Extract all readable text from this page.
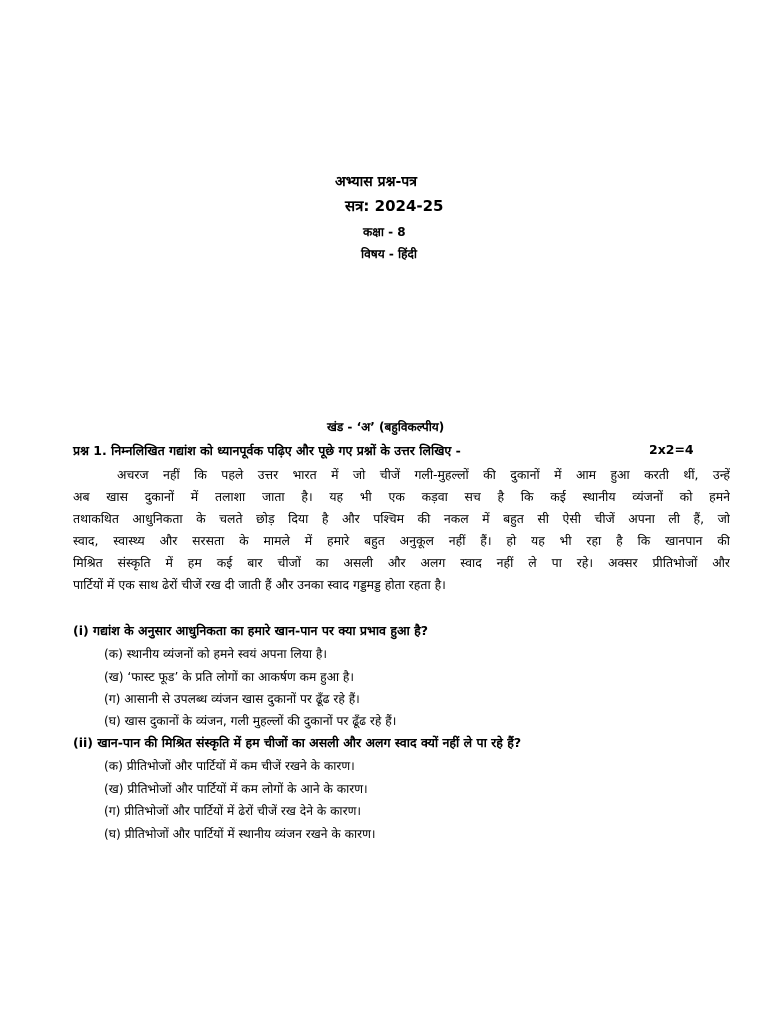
अभ्यास प्रश्न-पत्र
सत्र: 2024-25
कक्षा - 8
विषय - हिंदी
खंड - ‘अ’ (बहुविकल्पीय)
प्रश्न 1. निम्नलिखित गद्यांश को ध्यानपूर्वक पढ़िए और पूछे गए प्रश्नों के उत्तर लिखिए -	2x2=4
अचरज नहीं कि पहले उत्तर भारत में जो चीजें गली-मुहल्लों की दुकानों में आम हुआ करती थीं, उन्हें
अब खास दुकानों में तलाशा जाता है। यह भी एक कड़वा सच है कि कई स्थानीय व्यंजनों को हमने
तथाकथित आधुनिकता के चलते छोड़ दिया है और पश्चिम की नकल में बहुत सी ऐसी चीजें अपना ली हैं, जो
स्वाद, स्वास्थ्य और सरसता के मामले में हमारे बहुत अनुकूल नहीं हैं। हो यह भी रहा है कि खानपान की
मिश्रित संस्कृति में हम कई बार चीजों का असली और अलग स्वाद नहीं ले पा रहे। अक्सर प्रीतिभोजों और
पार्टियों में एक साथ ढेरों चीजें रख दी जाती हैं और उनका स्वाद गड्डमड्ड होता रहता है।
(i) गद्यांश के अनुसार आधुनिकता का हमारे खान-पान पर क्या प्रभाव हुआ है?
(क) स्थानीय व्यंजनों को हमने स्वयं अपना लिया है।
(ख) ‘फास्ट फूड’ के प्रति लोगों का आकर्षण कम हुआ है।
(ग) आसानी से उपलब्ध व्यंजन खास दुकानों पर ढूँढ रहे हैं।
(घ) खास दुकानों के व्यंजन, गली मुहल्लों की दुकानों पर ढूँढ रहे हैं।
(ii) खान-पान की मिश्रित संस्कृति में हम चीजों का असली और अलग स्वाद क्यों नहीं ले पा रहे हैं?
(क) प्रीतिभोजों और पार्टियों में कम चीजें रखने के कारण।
(ख) प्रीतिभोजों और पार्टियों में कम लोगों के आने के कारण।
(ग) प्रीतिभोजों और पार्टियों में ढेरों चीजें रख देने के कारण।
(घ) प्रीतिभोजों और पार्टियों में स्थानीय व्यंजन रखने के कारण।
